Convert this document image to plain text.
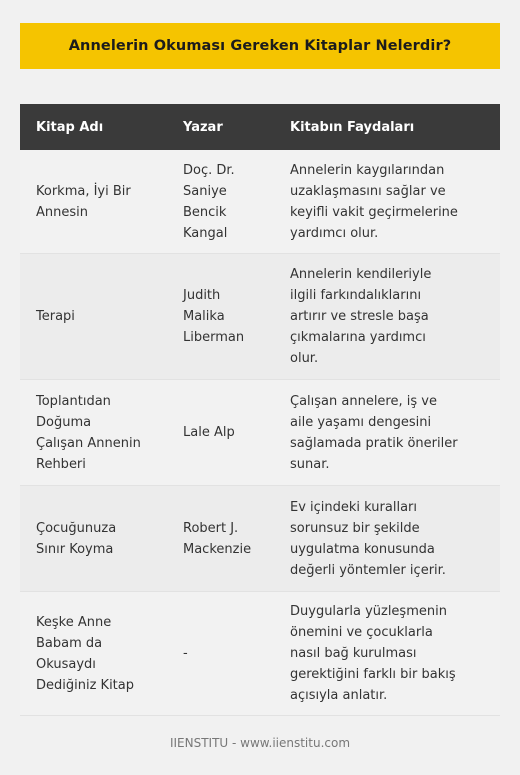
Annelerin Okuması Gereken Kitaplar Nelerdir?
Kitap Adı	Yazar	Kitabın Faydaları
Korkma, İyi Bir
Annesin
Doç. Dr.
Saniye
Bencik
Kangal
Annelerin kaygılarından
uzaklaşmasını sağlar ve
keyifli vakit geçirmelerine
yardımcı olur.
Terapi
Judith
Malika
Liberman
Annelerin kendileriyle
ilgili farkındalıklarını
artırır ve stresle başa
çıkmalarına yardımcı
olur.
Toplantıdan
Doğuma
Çalışan Annenin
Rehberi
Lale Alp
Çalışan annelere, iş ve
aile yaşamı dengesini
sağlamada pratik öneriler
sunar.
Çocuğunuza
Sınır Koyma
Robert J.
Mackenzie
Ev içindeki kuralları
sorunsuz bir şekilde
uygulatma konusunda
değerli yöntemler içerir.
Keşke Anne
Babam da
Okusaydı
Dediğiniz Kitap
-
Duygularla yüzleşmenin
önemini ve çocuklarla
nasıl bağ kurulması
gerektiğini farklı bir bakış
açısıyla anlatır.
IIENSTITU - www.iienstitu.com
